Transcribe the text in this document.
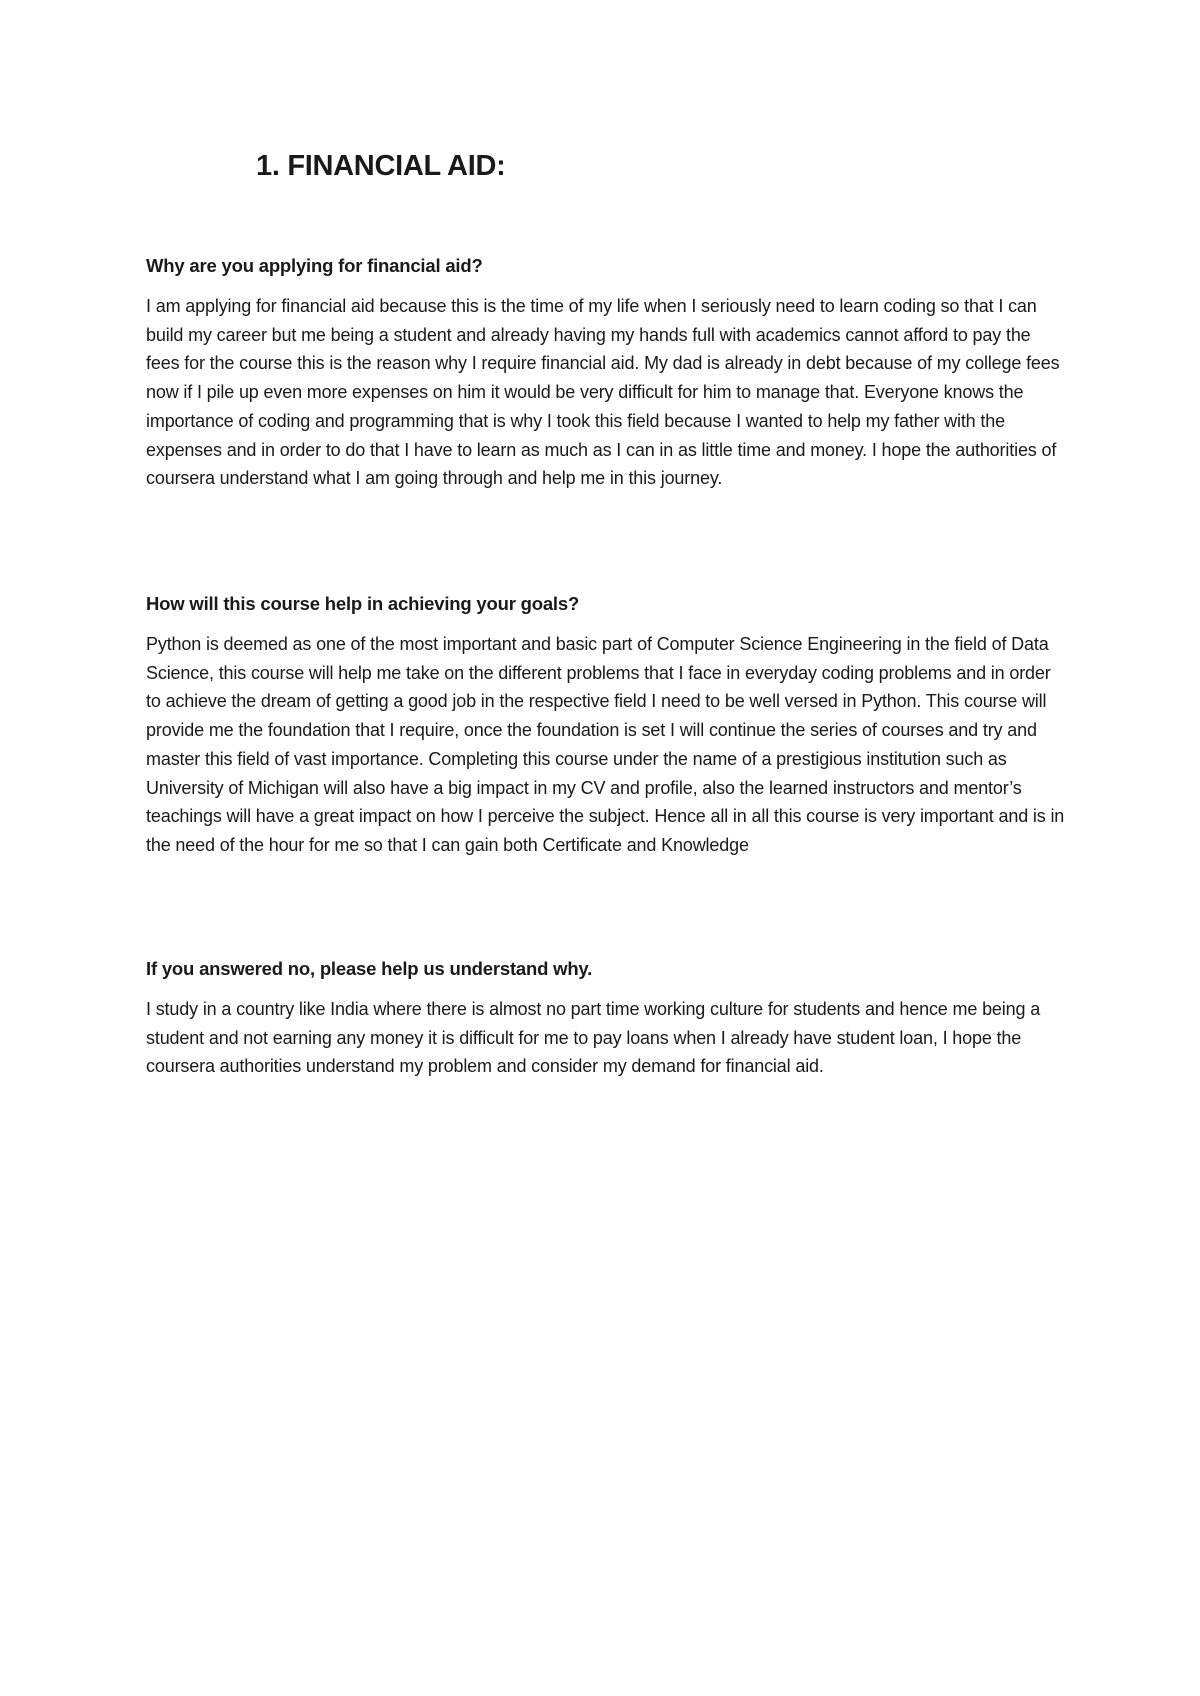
1. FINANCIAL AID:

Why are you applying for financial aid?

I am applying for financial aid because this is the time of my life when I seriously need to learn coding so that I can build my career but me being a student and already having my hands full with academics cannot afford to pay the fees for the course this is the reason why I require financial aid. My dad is already in debt because of my college fees now if I pile up even more expenses on him it would be very difficult for him to manage that. Everyone knows the importance of coding and programming that is why I took this field because I wanted to help my father with the expenses and in order to do that I have to learn as much as I can in as little time and money. I hope the authorities of coursera understand what I am going through and help me in this journey.

How will this course help in achieving your goals?

Python is deemed as one of the most important and basic part of Computer Science Engineering in the field of Data Science, this course will help me take on the different problems that I face in everyday coding problems and in order to achieve the dream of getting a good job in the respective field I need to be well versed in Python. This course will provide me the foundation that I require, once the foundation is set I will continue the series of courses and try and master this field of vast importance. Completing this course under the name of a prestigious institution such as University of Michigan will also have a big impact in my CV and profile, also the learned instructors and mentor’s teachings will have a great impact on how I perceive the subject. Hence all in all this course is very important and is in the need of the hour for me so that I can gain both Certificate and Knowledge

If you answered no, please help us understand why.

I study in a country like India where there is almost no part time working culture for students and hence me being a student and not earning any money it is difficult for me to pay loans when I already have student loan, I hope the coursera authorities understand my problem and consider my demand for financial aid.
